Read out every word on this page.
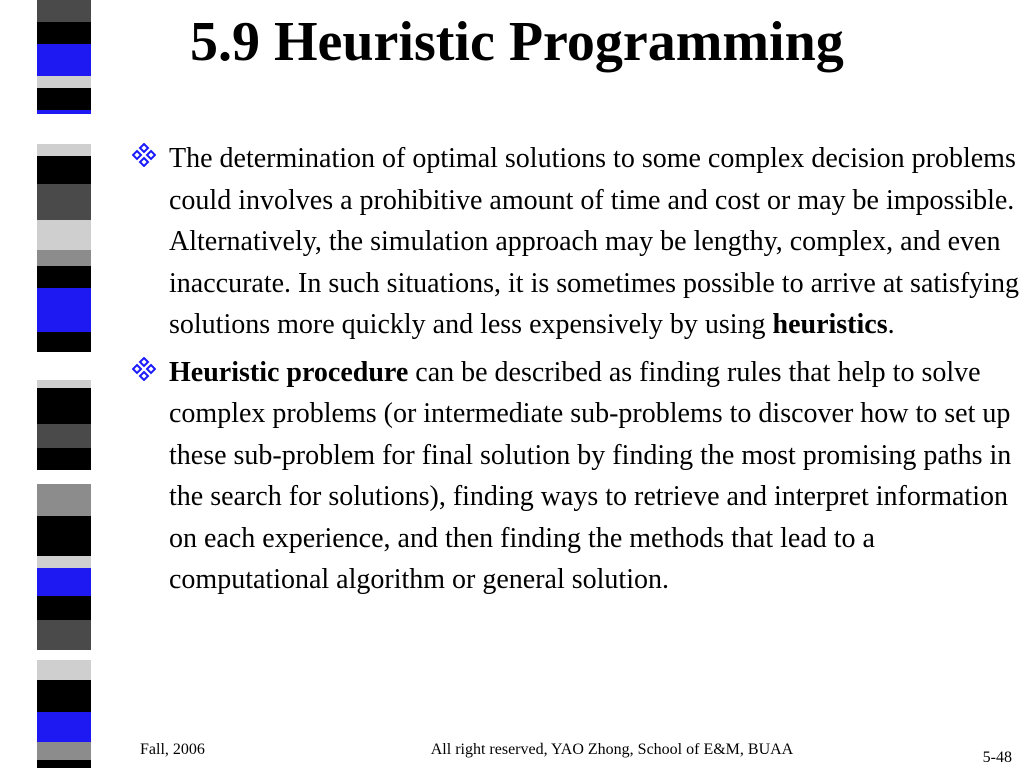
5.9 Heuristic Programming
The determination of optimal solutions to some complex decision problems could involves a prohibitive amount of time and cost or may be impossible. Alternatively, the simulation approach may be lengthy, complex, and even inaccurate. In such situations, it is sometimes possible to arrive at satisfying solutions more quickly and less expensively by using heuristics.
Heuristic procedure can be described as finding rules that help to solve complex problems (or intermediate sub-problems to discover how to set up these sub-problem for final solution by finding the most promising paths in the search for solutions), finding ways to retrieve and interpret information on each experience, and then finding the methods that lead to a computational algorithm or general solution.
Fall, 2006	All right reserved, YAO Zhong, School of E&M, BUAA	5-48
